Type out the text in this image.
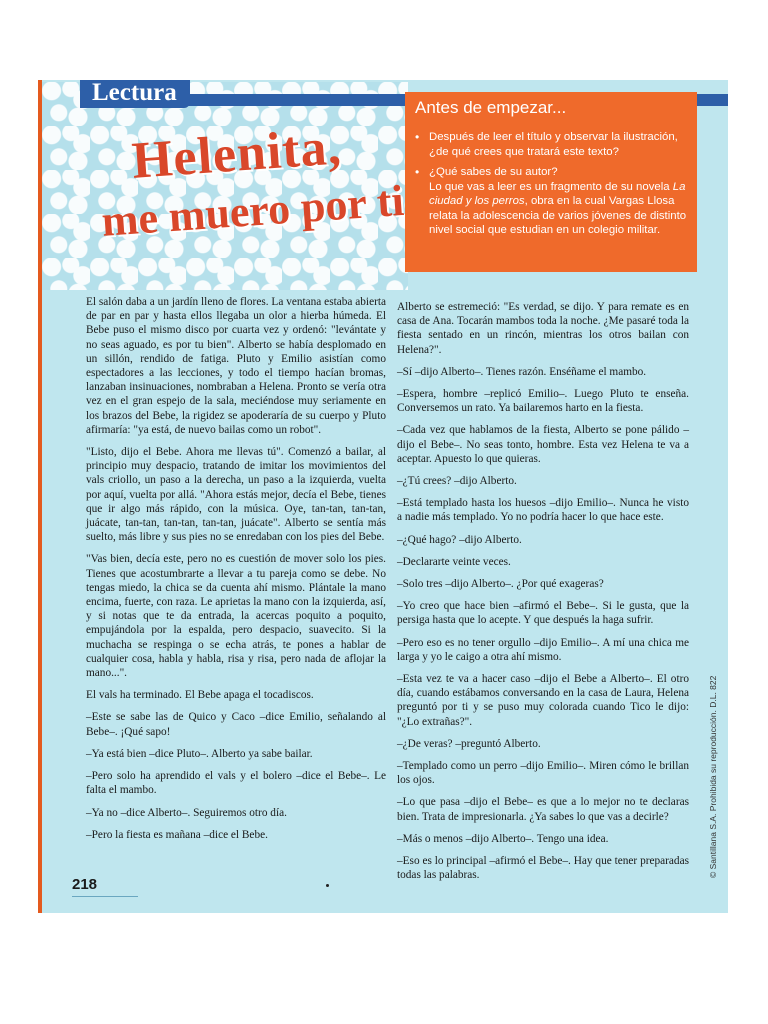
Lectura
Helenita,
me muero por ti
Antes de empezar...
• Después de leer el título y observar la ilustración, ¿de qué crees que tratará este texto?
• ¿Qué sabes de su autor?
Lo que vas a leer es un fragmento de su novela La ciudad y los perros, obra en la cual Vargas Llosa relata la adolescencia de varios jóvenes de distinto nivel social que estudian en un colegio militar.

El salón daba a un jardín lleno de flores. La ventana estaba abierta de par en par y hasta ellos llegaba un olor a hierba húmeda. El Bebe puso el mismo disco por cuarta vez y ordenó: "levántate y no seas aguado, es por tu bien". Alberto se había desplomado en un sillón, rendido de fatiga. Pluto y Emilio asistían como espectadores a las lecciones, y todo el tiempo hacían bromas, lanzaban insinuaciones, nombraban a Helena. Pronto se vería otra vez en el gran espejo de la sala, meciéndose muy seriamente en los brazos del Bebe, la rigidez se apoderaría de su cuerpo y Pluto afirmaría: "ya está, de nuevo bailas como un robot".

"Listo, dijo el Bebe. Ahora me llevas tú". Comenzó a bailar, al principio muy despacio, tratando de imitar los movimientos del vals criollo, un paso a la derecha, un paso a la izquierda, vuelta por aquí, vuelta por allá. "Ahora estás mejor, decía el Bebe, tienes que ir algo más rápido, con la música. Oye, tan-tan, tan-tan, juácate, tan-tan, tan-tan, tan-tan, juácate". Alberto se sentía más suelto, más libre y sus pies no se enredaban con los pies del Bebe.

"Vas bien, decía este, pero no es cuestión de mover solo los pies. Tienes que acostumbrarte a llevar a tu pareja como se debe. No tengas miedo, la chica se da cuenta ahí mismo. Plántale la mano encima, fuerte, con raza. Le aprietas la mano con la izquierda, así, y si notas que te da entrada, la acercas poquito a poquito, empujándola por la espalda, pero despacio, suavecito. Si la muchacha se respinga o se echa atrás, te pones a hablar de cualquier cosa, habla y habla, risa y risa, pero nada de aflojar la mano...".

El vals ha terminado. El Bebe apaga el tocadiscos.

–Este se sabe las de Quico y Caco –dice Emilio, señalando al Bebe–. ¡Qué sapo!

–Ya está bien –dice Pluto–. Alberto ya sabe bailar.

–Pero solo ha aprendido el vals y el bolero –dice el Bebe–. Le falta el mambo.

–Ya no –dice Alberto–. Seguiremos otro día.

–Pero la fiesta es mañana –dice el Bebe.

Alberto se estremeció: "Es verdad, se dijo. Y para rematе es en casa de Ana. Tocarán mambos toda la noche. ¿Me pasaré toda la fiesta sentado en un rincón, mientras los otros bailan con Helena?".

–Sí –dijo Alberto–. Tienes razón. Enséñame el mambo.

–Espera, hombre –replicó Emilio–. Luego Pluto te enseña. Conversemos un rato. Ya bailaremos harto en la fiesta.

–Cada vez que hablamos de la fiesta, Alberto se pone pálido –dijo el Bebe–. No seas tonto, hombre. Esta vez Helena te va a aceptar. Apuesto lo que quieras.

–¿Tú crees? –dijo Alberto.

–Está templado hasta los huesos –dijo Emilio–. Nunca he visto a nadie más templado. Yo no podría hacer lo que hace este.

–¿Qué hago? –dijo Alberto.

–Declararte veinte veces.

–Solo tres –dijo Alberto–. ¿Por qué exageras?

–Yo creo que hace bien –afirmó el Bebe–. Si le gusta, que la persiga hasta que lo acepte. Y que después la haga sufrir.

–Pero eso es no tener orgullo –dijo Emilio–. A mí una chica me larga y yo le caigo a otra ahí mismo.

–Esta vez te va a hacer caso –dijo el Bebe a Alberto–. El otro día, cuando estábamos conversando en la casa de Laura, Helena preguntó por ti y se puso muy colorada cuando Tico le dijo: "¿Lo extrañas?".

–¿De veras? –preguntó Alberto.

–Templado como un perro –dijo Emilio–. Miren cómo le brillan los ojos.

–Lo que pasa –dijo el Bebe– es que a lo mejor no te declaras bien. Trata de impresionarla. ¿Ya sabes lo que vas a decirle?

–Más o menos –dijo Alberto–. Tengo una idea.

–Eso es lo principal –afirmó el Bebe–. Hay que tener preparadas todas las palabras.

218
© Santillana S.A. Prohibida su reproducción. D.L. 822
